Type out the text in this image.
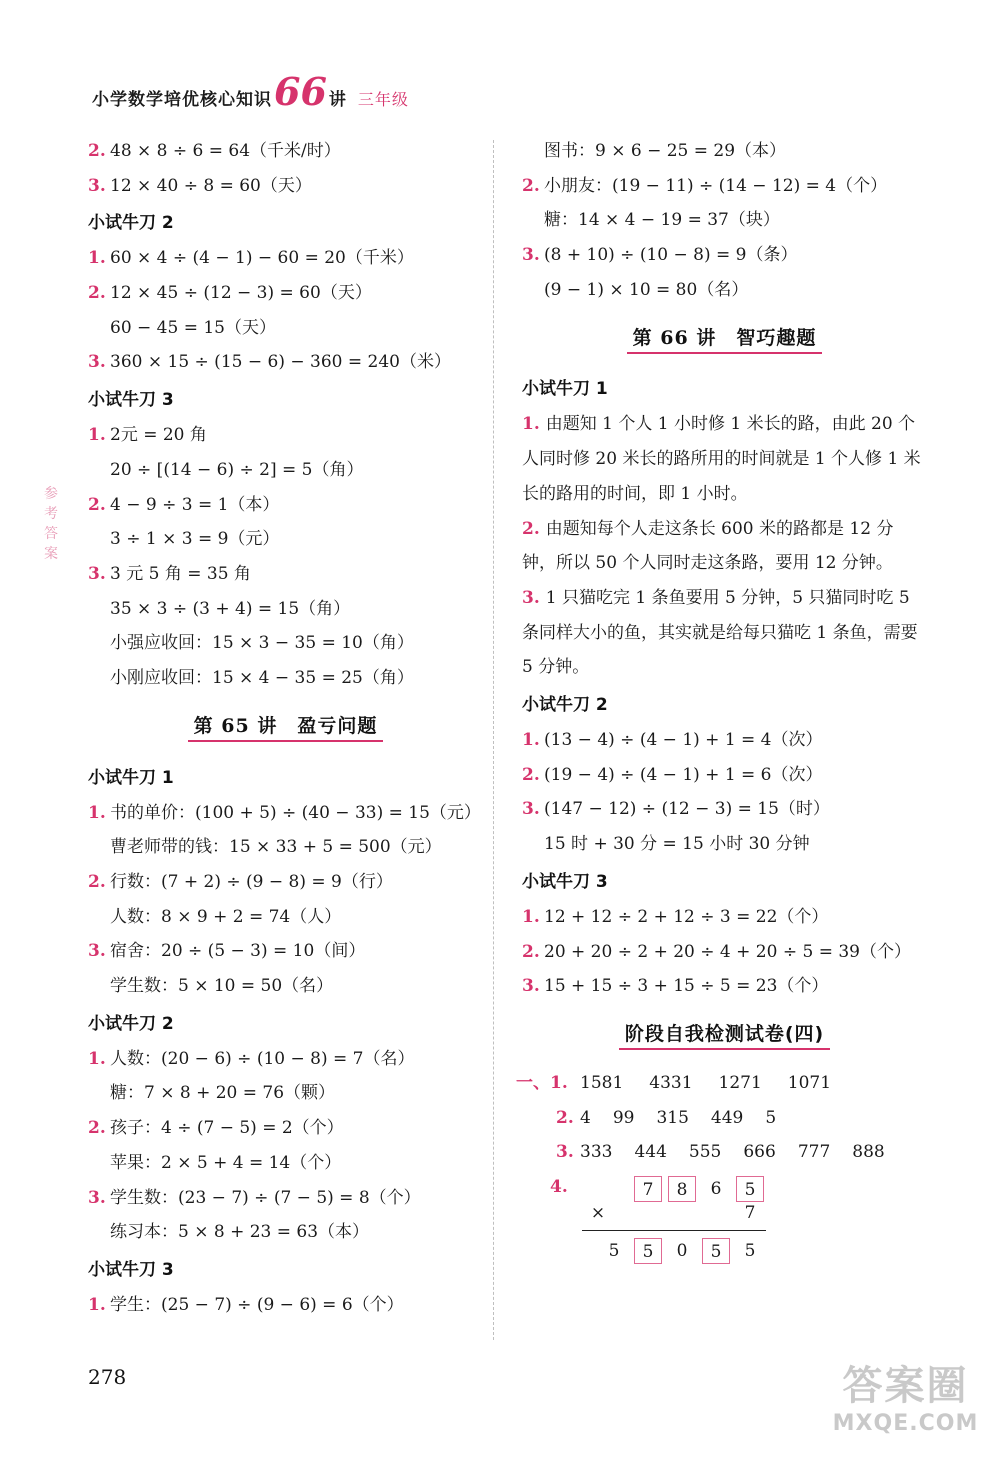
小学数学培优核心知识 66 讲 三年级
参
考
答
案
2. 48 × 8 ÷ 6 = 64（千米/时）
3. 12 × 40 ÷ 8 = 60（天）
小试牛刀 2
1. 60 × 4 ÷ (4 − 1) − 60 = 20（千米）
2. 12 × 45 ÷ (12 − 3) = 60（天）
60 − 45 = 15（天）
3. 360 × 15 ÷ (15 − 6) − 360 = 240（米）
小试牛刀 3
1. 2元 = 20 角
20 ÷ [(14 − 6) ÷ 2] = 5（角）
2. 4 − 9 ÷ 3 = 1（本）
3 ÷ 1 × 3 = 9（元）
3. 3 元 5 角 = 35 角
35 × 3 ÷ (3 + 4) = 15（角）
小强应收回：15 × 3 − 35 = 10（角）
小刚应收回：15 × 4 − 35 = 25（角）
第 65 讲　盈亏问题
小试牛刀 1
1. 书的单价：(100 + 5) ÷ (40 − 33) = 15（元）
曹老师带的钱：15 × 33 + 5 = 500（元）
2. 行数：(7 + 2) ÷ (9 − 8) = 9（行）
人数：8 × 9 + 2 = 74（人）
3. 宿舍：20 ÷ (5 − 3) = 10（间）
学生数：5 × 10 = 50（名）
小试牛刀 2
1. 人数：(20 − 6) ÷ (10 − 8) = 7（名）
糖：7 × 8 + 20 = 76（颗）
2. 孩子：4 ÷ (7 − 5) = 2（个）
苹果：2 × 5 + 4 = 14（个）
3. 学生数：(23 − 7) ÷ (7 − 5) = 8（个）
练习本：5 × 8 + 23 = 63（本）
小试牛刀 3
1. 学生：(25 − 7) ÷ (9 − 6) = 6（个）
图书：9 × 6 − 25 = 29（本）
2. 小朋友：(19 − 11) ÷ (14 − 12) = 4（个）
糖：14 × 4 − 19 = 37（块）
3. (8 + 10) ÷ (10 − 8) = 9（条）
(9 − 1) × 10 = 80（名）
第 66 讲　智巧趣题
小试牛刀 1
1. 由题知 1 个人 1 小时修 1 米长的路，由此 20 个人同时修 20 米长的路所用的时间就是 1 个人修 1 米长的路用的时间，即 1 小时。
2. 由题知每个人走这条长 600 米的路都是 12 分钟，所以 50 个人同时走这条路，要用 12 分钟。
3. 1 只猫吃完 1 条鱼要用 5 分钟，5 只猫同时吃 5 条同样大小的鱼，其实就是给每只猫吃 1 条鱼，需要 5 分钟。
小试牛刀 2
1. (13 − 4) ÷ (4 − 1) + 1 = 4（次）
2. (19 − 4) ÷ (4 − 1) + 1 = 6（次）
3. (147 − 12) ÷ (12 − 3) = 15（时）
15 时 + 30 分 = 15 小时 30 分钟
小试牛刀 3
1. 12 + 12 ÷ 2 + 12 ÷ 3 = 22（个）
2. 20 + 20 ÷ 2 + 20 ÷ 4 + 20 ÷ 5 = 39（个）
3. 15 + 15 ÷ 3 + 15 ÷ 5 = 23（个）
阶段自我检测试卷(四)
一、1. 1581 4331 1271 1071
2. 4 99 315 449 5
3. 333 444 555 666 777 888
4.	7	8	6	5
×	7
5	5	0	5	5
278	答案圈
MXQE.COM
